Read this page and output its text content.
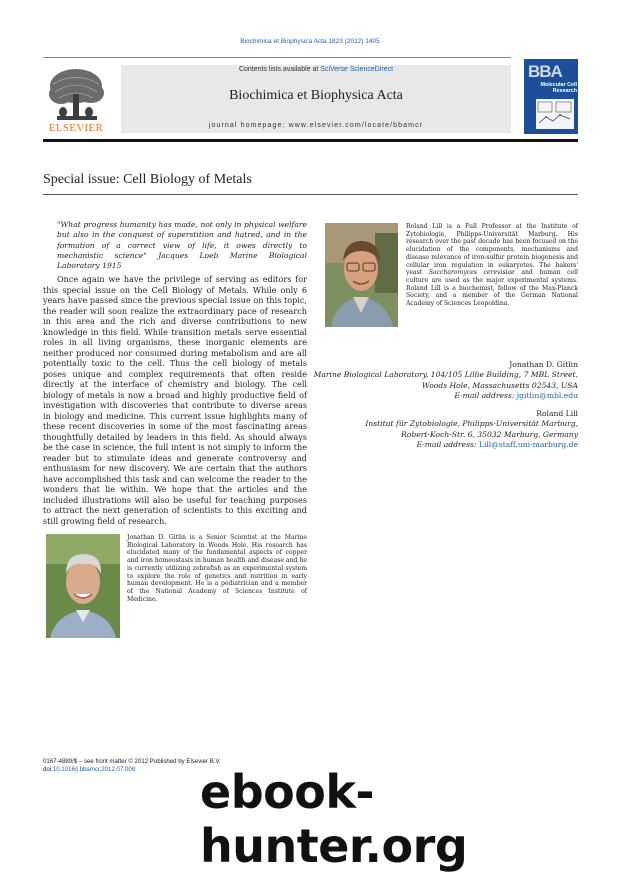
Biochimica et Biophysica Acta 1823 (2012) 1405
ELSEVIER
Contents lists available at SciVerse ScienceDirect
Biochimica et Biophysica Acta
journal homepage: www.elsevier.com/locate/bbamcr
BBA
Molecular Cell
Research
Special issue: Cell Biology of Metals
"What progress humanity has made, not only in physical welfare but also in the conquest of superstition and hatred, and in the formation of a correct view of life, it owes directly to mechanistic science" Jacques Loeb Marine Biological Laboratory 1915
Once again we have the privilege of serving as editors for this special issue on the Cell Biology of Metals. While only 6 years have passed since the previous special issue on this topic, the reader will soon realize the extraordinary pace of research in this area and the rich and diverse contributions to new knowledge in this field. While transition metals serve essential roles in all living organisms, these inorganic elements are neither produced nor consumed during metabolism and are all potentially toxic to the cell. Thus the cell biology of metals poses unique and complex requirements that often reside directly at the interface of chemistry and biology. The cell biology of metals is now a broad and highly productive field of investigation with discoveries that contribute to diverse areas in biology and medicine. This current issue highlights many of these recent discoveries in some of the most fascinating areas thoughtfully detailed by leaders in this field. As should always be the case in science, the full intent is not simply to inform the reader but to stimulate ideas and generate controversy and enthusiasm for new discovery. We are certain that the authors have accomplished this task and can welcome the reader to the wonders that lie within. We hope that the articles and the included illustrations will also be useful for teaching purposes to attract the next generation of scientists to this exciting and still growing field of research.
Roland Lill is a Full Professor at the Institute of Zytobiologie, Philipps-Universität Marburg. His research over the past decade has been focused on the elucidation of the components, mechanisms and disease relevance of iron-sulfur protein biogenesis and cellular iron regulation in eukaryotes. The bakers' yeast Saccharomyces cerevisiae and human cell culture are used as the major experimental systems. Roland Lill is a biochemist, fellow of the Max-Planck Society, and a member of the German National Academy of Sciences Leopoldina.
Jonathan D. Gitlin
Marine Biological Laboratory, 104/105 Lillie Building, 7 MBL Street,
Woods Hole, Massachusetts 02543, USA
E-mail address: jgitlin@mbl.edu
Roland Lill
Institut für Zytobiologie, Philipps-Universität Marburg,
Robert-Koch-Str. 6, 35032 Marburg, Germany
E-mail address: Lill@staff.uni-marburg.de
Jonathan D. Gitlin is a Senior Scientist at the Marine Biological Laboratory in Woods Hole. His research has elucidated many of the fundamental aspects of copper and iron homeostasis in human health and disease and he is currently utilizing zebrafish as an experimental system to explore the role of genetics and nutrition in early human development. He is a pediatrician and a member of the National Academy of Sciences Institute of Medicine.
0167-4889/$ – see front matter © 2012 Published by Elsevier B.V.
doi:10.1016/j.bbamcr.2012.07.008	ebook-hunter.org
